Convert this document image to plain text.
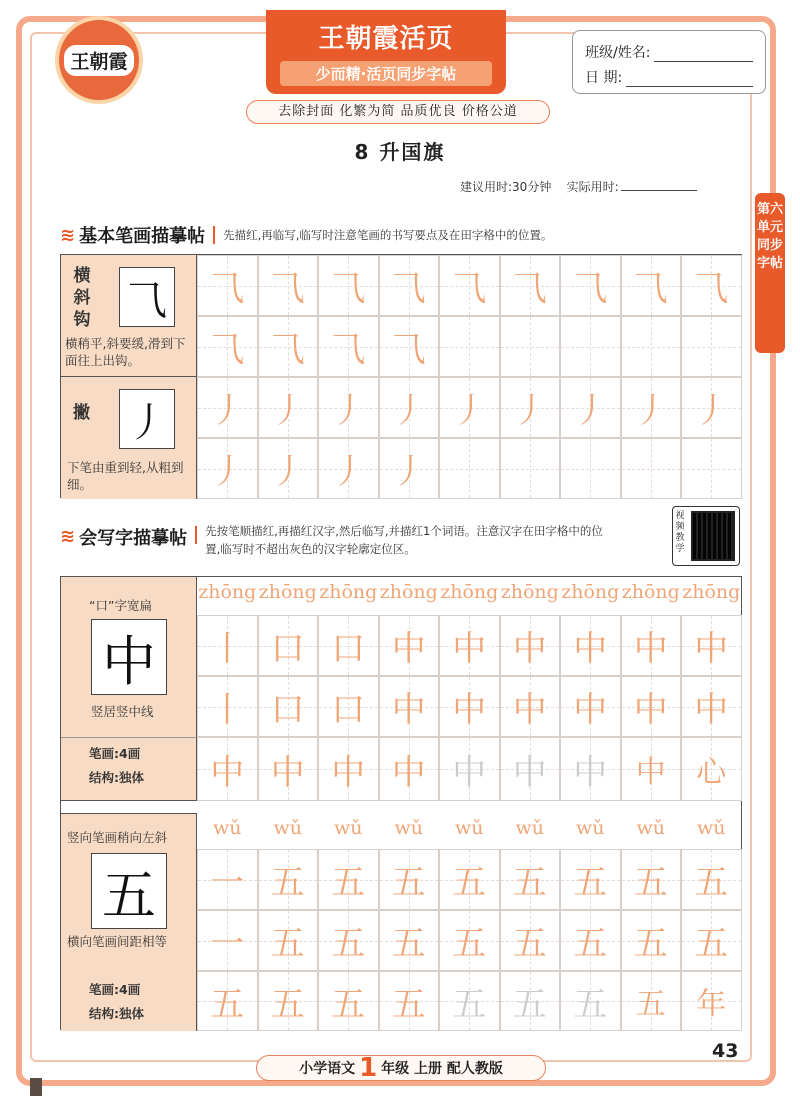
王朝霞
王朝霞活页
少而精·活页同步字帖
去除封面 化繁为简 品质优良 价格公道
班级/姓名:
日 期:
8 升国旗
建议用时:30分钟 实际用时:
第六单元同步字帖
≋ 基本笔画描摹帖 先描红,再临写,临写时注意笔画的书写要点及在田字格中的位置。
横斜钩 ⺄
横稍平,斜要缓,滑到下面往上出钩。
⺄ ⺄ ⺄ ⺄ ⺄ ⺄ ⺄ ⺄ ⺄
⺄ ⺄ ⺄ ⺄
撇 丿
下笔由重到轻,从粗到细。
丿 丿 丿 丿 丿 丿 丿 丿 丿
丿 丿 丿 丿
≋ 会写字描摹帖 先按笔顺描红,再描红汉字,然后临写,并描红1个词语。注意汉字在田字格中的位置,临写时不超出灰色的汉字轮廓定位区。
视频教学
“口”字宽扁
中
竖居竖中线
zhōng zhōng zhōng zhōng zhōng zhōng zhōng zhōng zhōng
丨 口 口 中 中 中 中 中 中
丨 口 口 中 中 中 中 中 中
笔画:4画
结构:独体	中 中 中 中 中 中 中 中	心
竖向笔画稍向左斜
五
横向笔画间距相等
笔画:4画
结构:独体
wǔ	wǔ	wǔ	wǔ	wǔ	wǔ	wǔ	wǔ	wǔ
一 五 五 五 五 五 五 五 五
一 五 五 五 五 五 五 五 五
五 五 五 五 五 五 五 五	年
小学语文 1 年级 上册 配人教版
43
